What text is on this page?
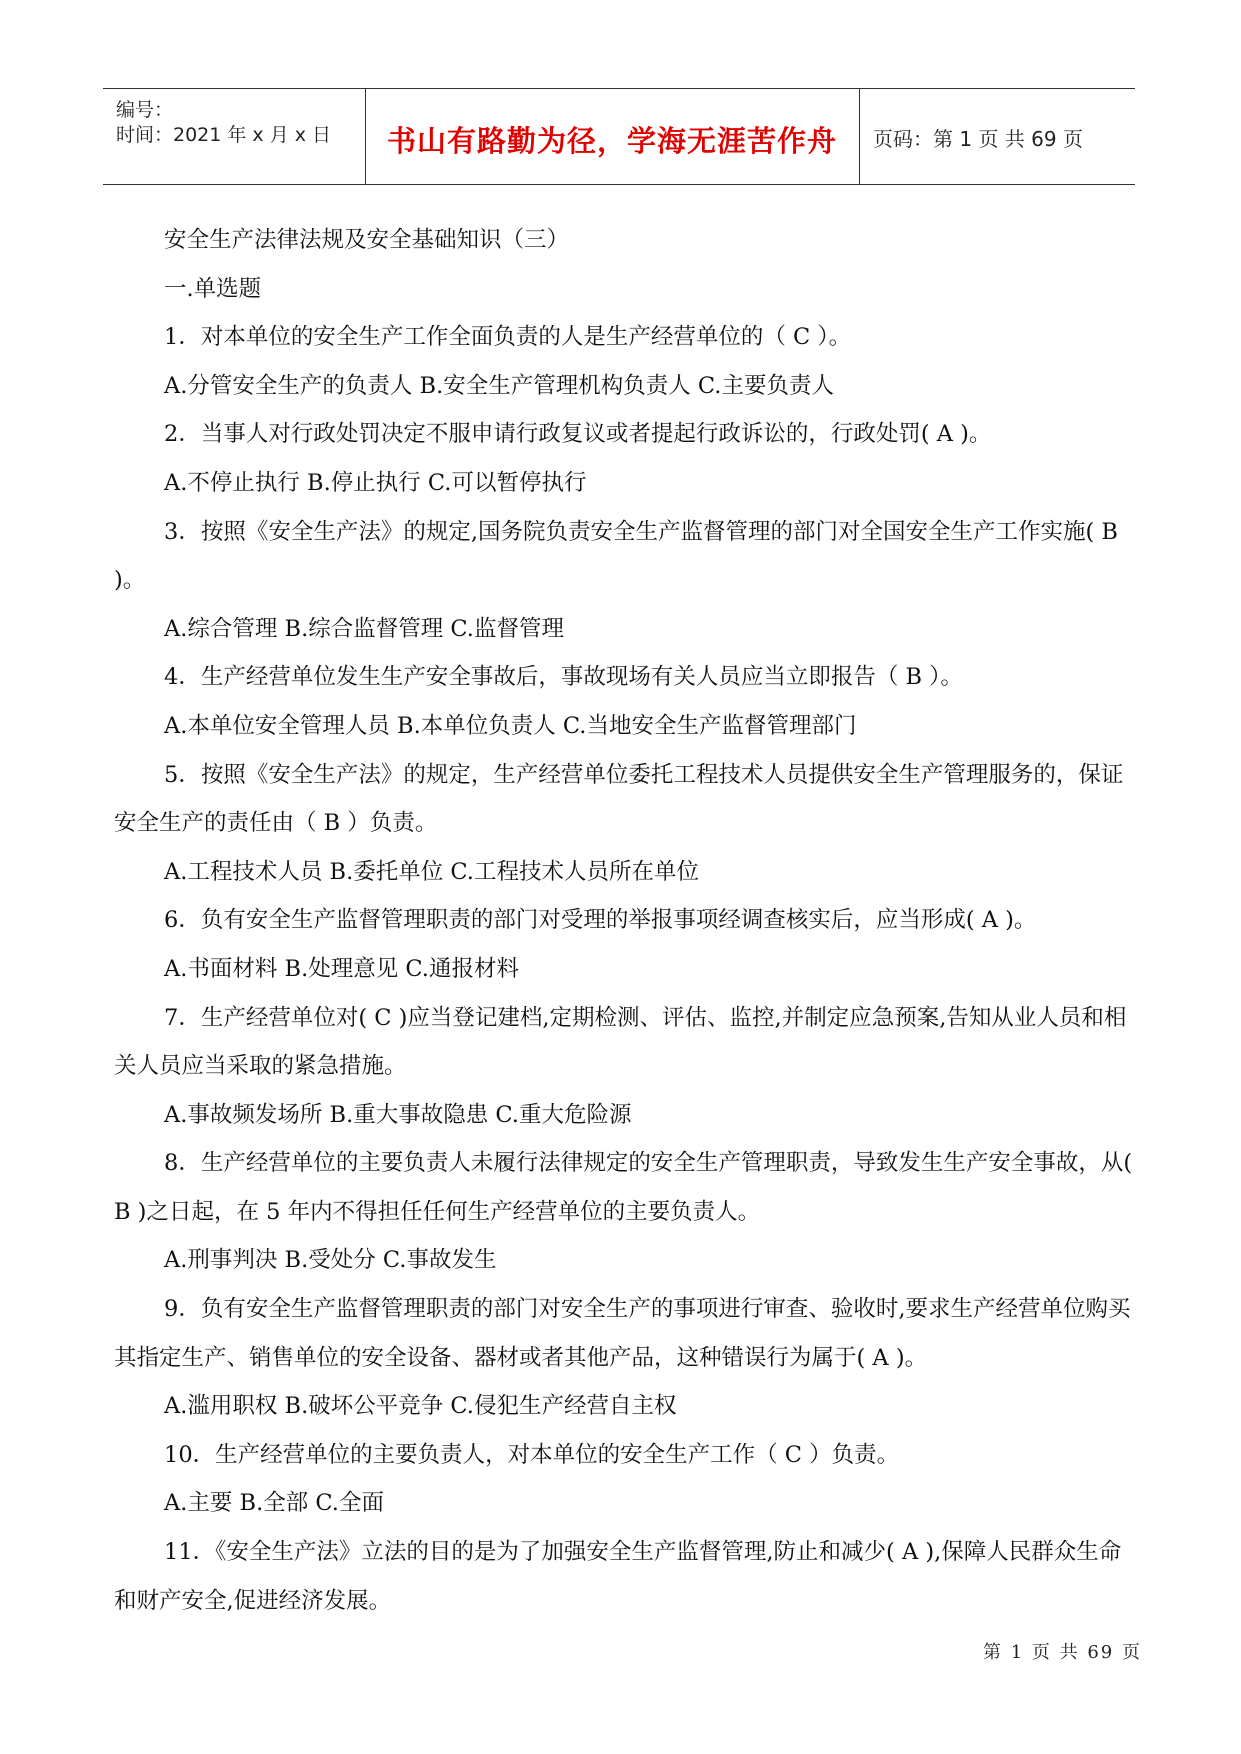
编号：
时间：2021 年 x 月 x 日	书山有路勤为径，学海无涯苦作舟	页码：第 1 页 共 69 页

安全生产法律法规及安全基础知识（三）

一.单选题

1．对本单位的安全生产工作全面负责的人是生产经营单位的（ C ）。

A.分管安全生产的负责人 B.安全生产管理机构负责人 C.主要负责人

2．当事人对行政处罚决定不服申请行政复议或者提起行政诉讼的，行政处罚( A )。

A.不停止执行 B.停止执行 C.可以暂停执行

3．按照《安全生产法》的规定,国务院负责安全生产监督管理的部门对全国安全生产工作实施( B )。

A.综合管理 B.综合监督管理 C.监督管理

4．生产经营单位发生生产安全事故后，事故现场有关人员应当立即报告（ B ）。

A.本单位安全管理人员 B.本单位负责人 C.当地安全生产监督管理部门

5．按照《安全生产法》的规定，生产经营单位委托工程技术人员提供安全生产管理服务的，保证安全生产的责任由（ B ）负责。

A.工程技术人员 B.委托单位 C.工程技术人员所在单位

6．负有安全生产监督管理职责的部门对受理的举报事项经调查核实后，应当形成( A )。

A.书面材料 B.处理意见 C.通报材料

7．生产经营单位对( C )应当登记建档,定期检测、评估、监控,并制定应急预案,告知从业人员和相关人员应当采取的紧急措施。

A.事故频发场所 B.重大事故隐患 C.重大危险源

8．生产经营单位的主要负责人未履行法律规定的安全生产管理职责，导致发生生产安全事故，从( B )之日起，在 5 年内不得担任任何生产经营单位的主要负责人。

A.刑事判决 B.受处分 C.事故发生

9．负有安全生产监督管理职责的部门对安全生产的事项进行审查、验收时,要求生产经营单位购买其指定生产、销售单位的安全设备、器材或者其他产品，这种错误行为属于( A )。

A.滥用职权 B.破坏公平竞争 C.侵犯生产经营自主权

10．生产经营单位的主要负责人，对本单位的安全生产工作（ C ）负责。

A.主要 B.全部 C.全面

11．《安全生产法》立法的目的是为了加强安全生产监督管理,防止和减少( A ),保障人民群众生命和财产安全,促进经济发展。

第 1 页 共 69 页
